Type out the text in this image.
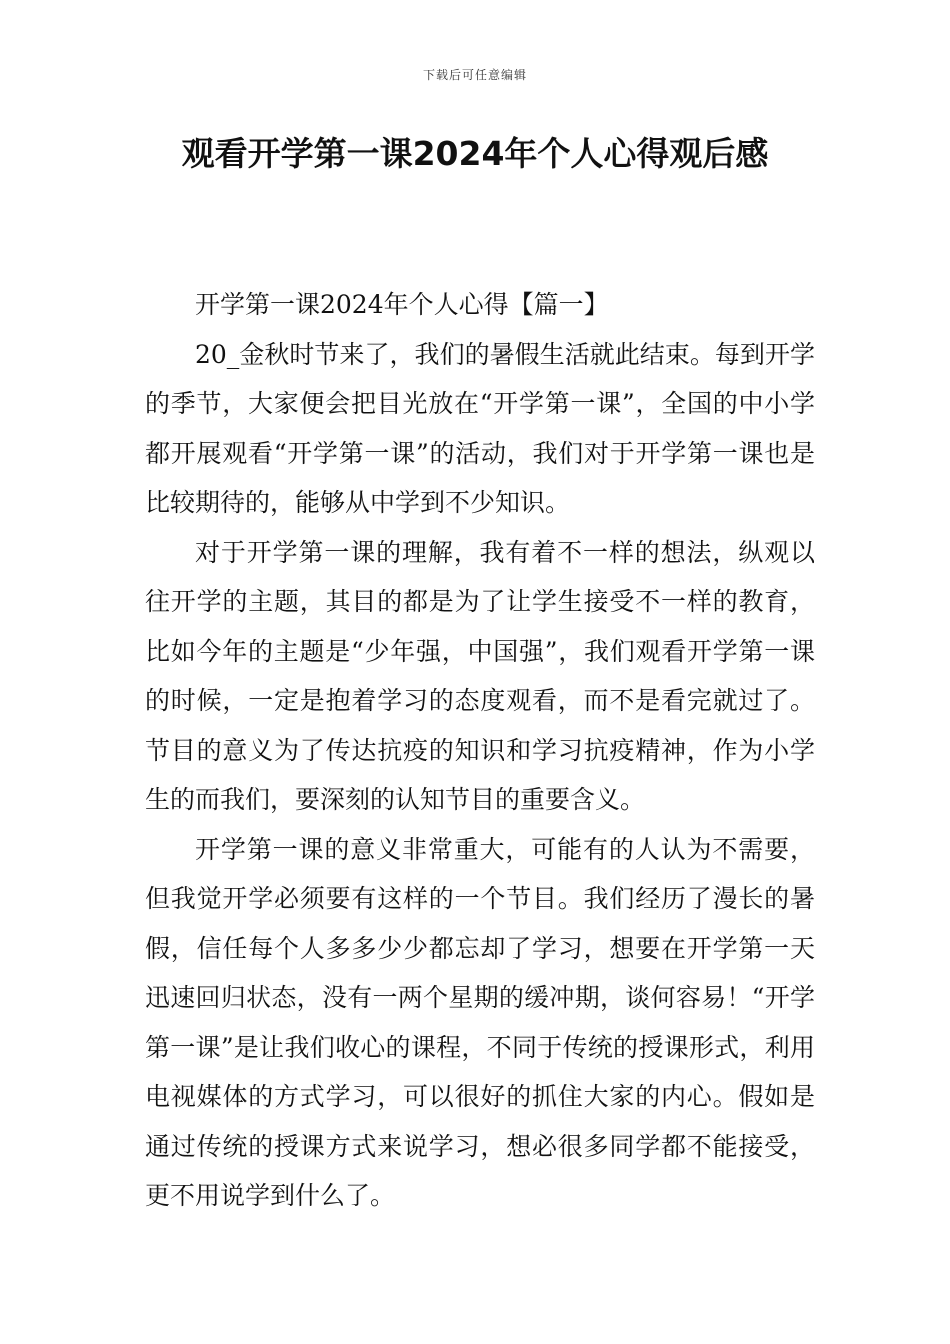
下载后可任意编辑
观看开学第一课2024年个人心得观后感

开学第一课2024年个人心得【篇一】

20_金秋时节来了，我们的暑假生活就此结束。每到开学的季节，大家便会把目光放在“开学第一课”，全国的中小学都开展观看“开学第一课”的活动，我们对于开学第一课也是比较期待的，能够从中学到不少知识。

对于开学第一课的理解，我有着不一样的想法，纵观以往开学的主题，其目的都是为了让学生接受不一样的教育，比如今年的主题是“少年强，中国强”，我们观看开学第一课的时候，一定是抱着学习的态度观看，而不是看完就过了。节目的意义为了传达抗疫的知识和学习抗疫精神，作为小学生的而我们，要深刻的认知节目的重要含义。

开学第一课的意义非常重大，可能有的人认为不需要，但我觉开学必须要有这样的一个节目。我们经历了漫长的暑假，信任每个人多多少少都忘却了学习，想要在开学第一天迅速回归状态，没有一两个星期的缓冲期，谈何容易！“开学第一课”是让我们收心的课程，不同于传统的授课形式，利用电视媒体的方式学习，可以很好的抓住大家的内心。假如是通过传统的授课方式来说学习，想必很多同学都不能接受，更不用说学到什么了。
